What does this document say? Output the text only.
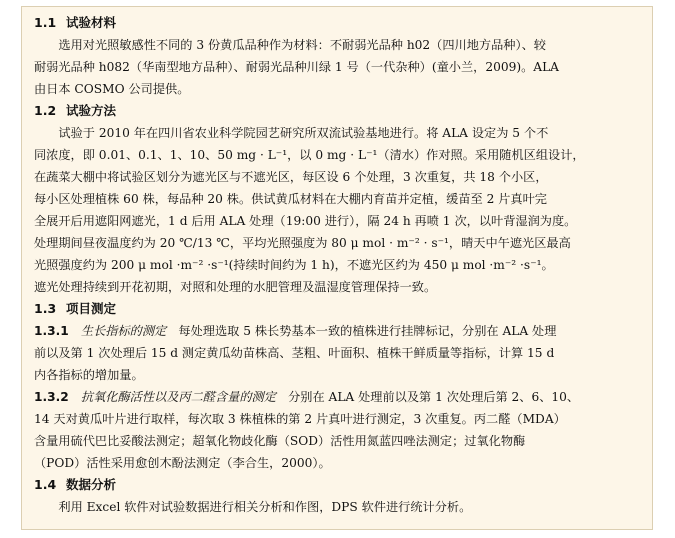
1.1 试验材料

选用对光照敏感性不同的 3 份黄瓜品种作为材料：不耐弱光品种 h02（四川地方品种）、较
耐弱光品种 h082（华南型地方品种）、耐弱光品种川绿 1 号（一代杂种）(童小兰，2009)。ALA
由日本 COSMO 公司提供。

1.2 试验方法

试验于 2010 年在四川省农业科学院园艺研究所双流试验基地进行。将 ALA 设定为 5 个不
同浓度，即 0.01、0.1、1、10、50 mg · L⁻¹，以 0 mg · L⁻¹（清水）作对照。采用随机区组设计，
在蔬菜大棚中将试验区划分为遮光区与不遮光区，每区设 6 个处理，3 次重复，共 18 个小区，
每小区处理植株 60 株，每品种 20 株。供试黄瓜材料在大棚内育苗并定植，缓苗至 2 片真叶完
全展开后用遮阳网遮光，1 d 后用 ALA 处理（19:00 进行），隔 24 h 再喷 1 次，以叶背湿润为度。
处理期间昼夜温度约为 20 ℃/13 ℃，平均光照强度为 80 μ mol · m⁻² · s⁻¹，晴天中午遮光区最高
光照强度约为 200 μ mol ·m⁻² ·s⁻¹(持续时间约为 1 h)，不遮光区约为 450 μ mol ·m⁻² ·s⁻¹。
遮光处理持续到开花初期，对照和处理的水肥管理及温湿度管理保持一致。

1.3 项目测定

1.3.1 生长指标的测定 每处理选取 5 株长势基本一致的植株进行挂牌标记，分别在 ALA 处理
前以及第 1 次处理后 15 d 测定黄瓜幼苗株高、茎粗、叶面积、植株干鲜质量等指标，计算 15 d
内各指标的增加量。

1.3.2 抗氧化酶活性以及丙二醛含量的测定 分别在 ALA 处理前以及第 1 次处理后第 2、6、10、
14 天对黄瓜叶片进行取样，每次取 3 株植株的第 2 片真叶进行测定，3 次重复。丙二醛（MDA）
含量用硫代巴比妥酸法测定；超氧化物歧化酶（SOD）活性用氮蓝四唑法测定；过氧化物酶
（POD）活性采用愈创木酚法测定（李合生，2000）。

1.4 数据分析

利用 Excel 软件对试验数据进行相关分析和作图，DPS 软件进行统计分析。
